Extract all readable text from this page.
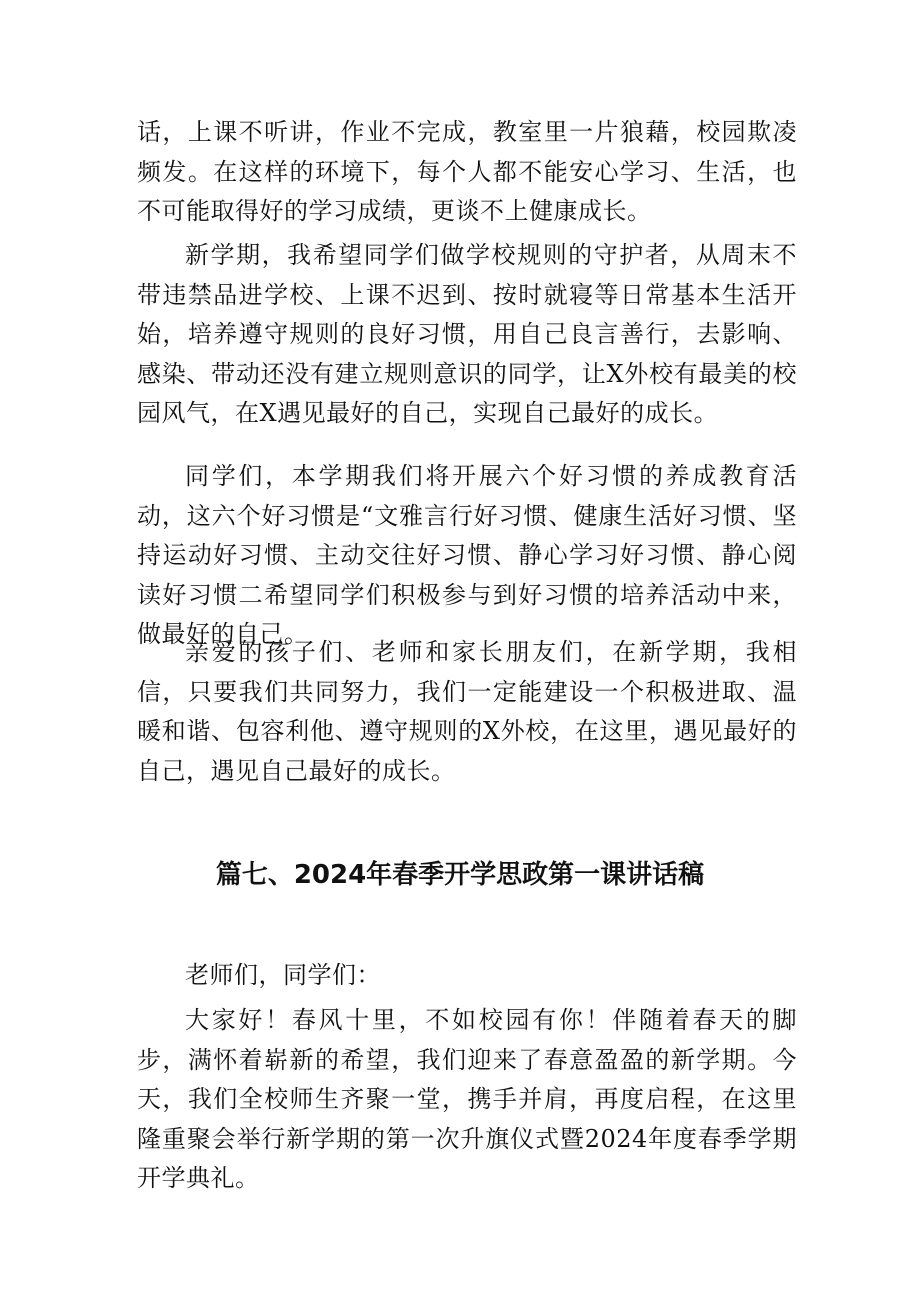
话，上课不听讲，作业不完成，教室里一片狼藉，校园欺凌频发。在这样的环境下，每个人都不能安心学习、生活，也不可能取得好的学习成绩，更谈不上健康成长。

新学期，我希望同学们做学校规则的守护者，从周末不带违禁品进学校、上课不迟到、按时就寝等日常基本生活开始，培养遵守规则的良好习惯，用自己良言善行，去影响、感染、带动还没有建立规则意识的同学，让X外校有最美的校园风气，在X遇见最好的自己，实现自己最好的成长。

同学们，本学期我们将开展六个好习惯的养成教育活动，这六个好习惯是“文雅言行好习惯、健康生活好习惯、坚持运动好习惯、主动交往好习惯、静心学习好习惯、静心阅读好习惯二希望同学们积极参与到好习惯的培养活动中来，做最好的自己。

亲爱的孩子们、老师和家长朋友们，在新学期，我相信，只要我们共同努力，我们一定能建设一个积极进取、温暖和谐、包容利他、遵守规则的X外校，在这里，遇见最好的自己，遇见自己最好的成长。

篇七、2024年春季开学思政第一课讲话稿

老师们，同学们：

大家好！春风十里，不如校园有你！伴随着春天的脚步，满怀着崭新的希望，我们迎来了春意盈盈的新学期。今天，我们全校师生齐聚一堂，携手并肩，再度启程，在这里隆重聚会举行新学期的第一次升旗仪式暨2024年度春季学期开学典礼。
